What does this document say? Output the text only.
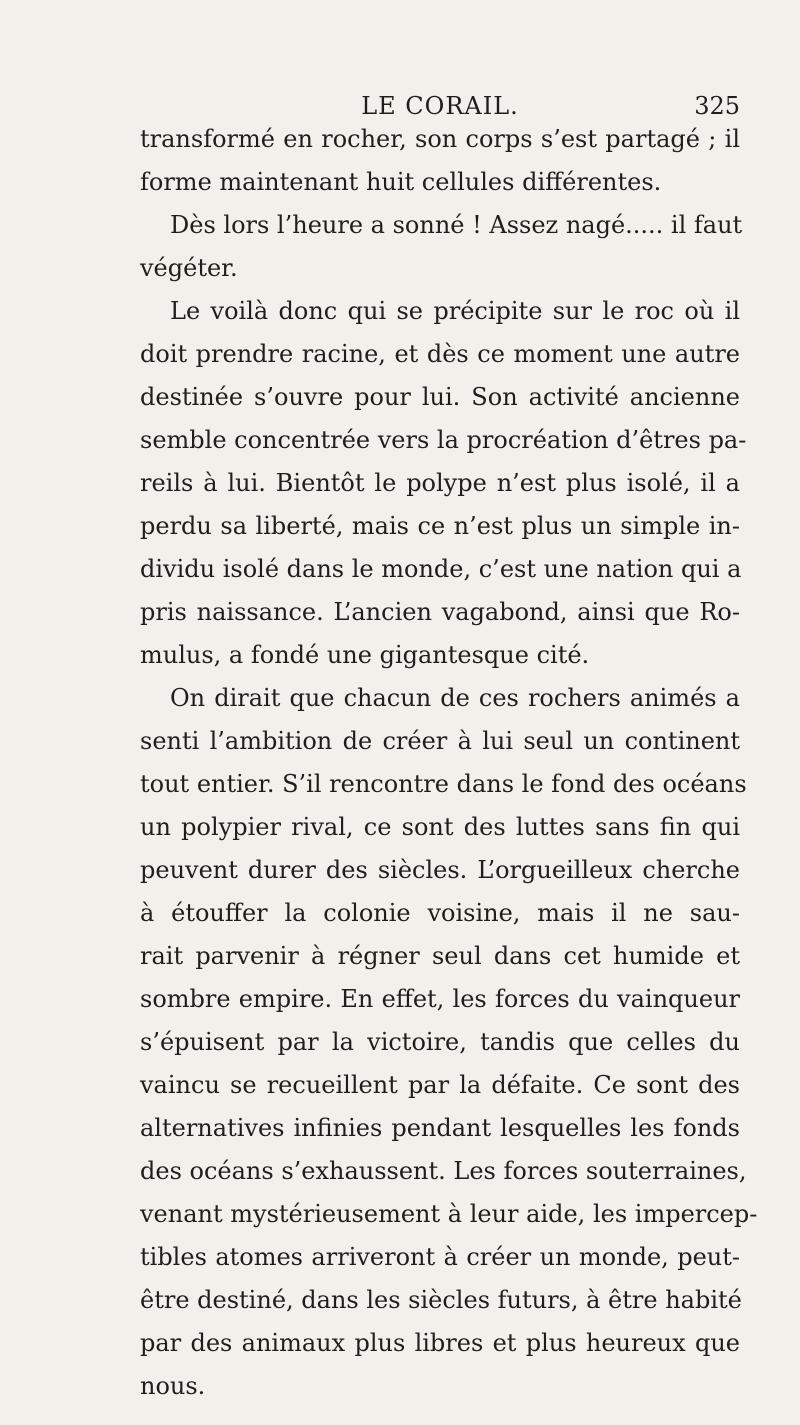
LE CORAIL.	325
transformé en rocher, son corps s’est partagé ; il
forme maintenant huit cellules différentes.
Dès lors l’heure a sonné ! Assez nagé..... il faut
végéter.
Le voilà donc qui se précipite sur le roc où il
doit prendre racine, et dès ce moment une autre
destinée s’ouvre pour lui. Son activité ancienne
semble concentrée vers la procréation d’êtres pa-
reils à lui. Bientôt le polype n’est plus isolé, il a
perdu sa liberté, mais ce n’est plus un simple in-
dividu isolé dans le monde, c’est une nation qui a
pris naissance. L’ancien vagabond, ainsi que Ro-
mulus, a fondé une gigantesque cité.
On dirait que chacun de ces rochers animés a
senti l’ambition de créer à lui seul un continent
tout entier. S’il rencontre dans le fond des océans
un polypier rival, ce sont des luttes sans fin qui
peuvent durer des siècles. L’orgueilleux cherche
à étouffer la colonie voisine, mais il ne sau-
rait parvenir à régner seul dans cet humide et
sombre empire. En effet, les forces du vainqueur
s’épuisent par la victoire, tandis que celles du
vaincu se recueillent par la défaite. Ce sont des
alternatives infinies pendant lesquelles les fonds
des océans s’exhaussent. Les forces souterraines,
venant mystérieusement à leur aide, les impercep-
tibles atomes arriveront à créer un monde, peut-
être destiné, dans les siècles futurs, à être habité
par des animaux plus libres et plus heureux que
nous.
